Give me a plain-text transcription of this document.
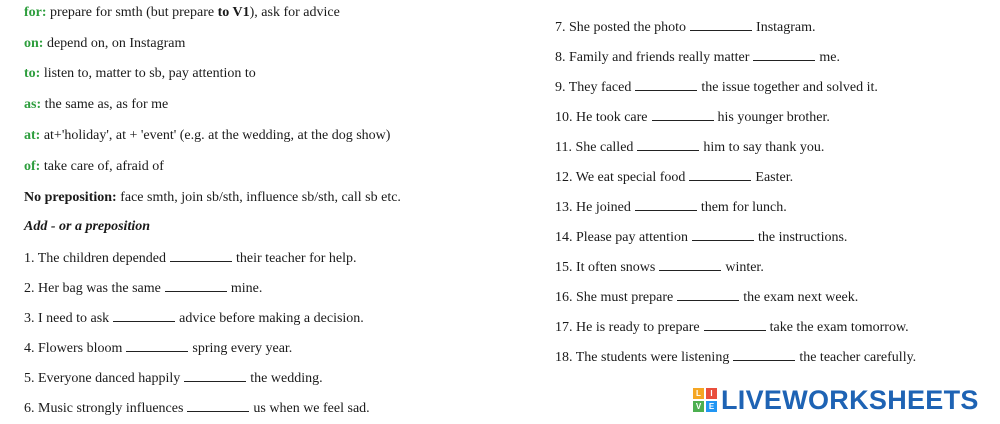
for: prepare for smth (but prepare to V1), ask for advice
on: depend on, on Instagram
to: listen to, matter to sb, pay attention to
as: the same as, as for me
at: at+'holiday', at + 'event' (e.g. at the wedding, at the dog show)
of: take care of, afraid of
No preposition: face smth, join sb/sth, influence sb/sth, call sb etc.
Add - or a preposition
1. The children depended	their teacher for help.
2. Her bag was the same	mine.
3. I need to ask	advice before making a decision.
4. Flowers bloom	spring every year.
5. Everyone danced happily	the wedding.
6. Music strongly influences	us when we feel sad.
7. She posted the photo	Instagram.
8. Family and friends really matter	me.
9. They faced	the issue together and solved it.
10. He took care	his younger brother.
11. She called	him to say thank you.
12. We eat special food	Easter.
13. He joined	them for lunch.
14. Please pay attention	the instructions.
15. It often snows	winter.
16. She must prepare	the exam next week.
17. He is ready to prepare	take the exam tomorrow.
18. The students were listening	the teacher carefully.
L	I
V E LIVEWORKSHEETS
